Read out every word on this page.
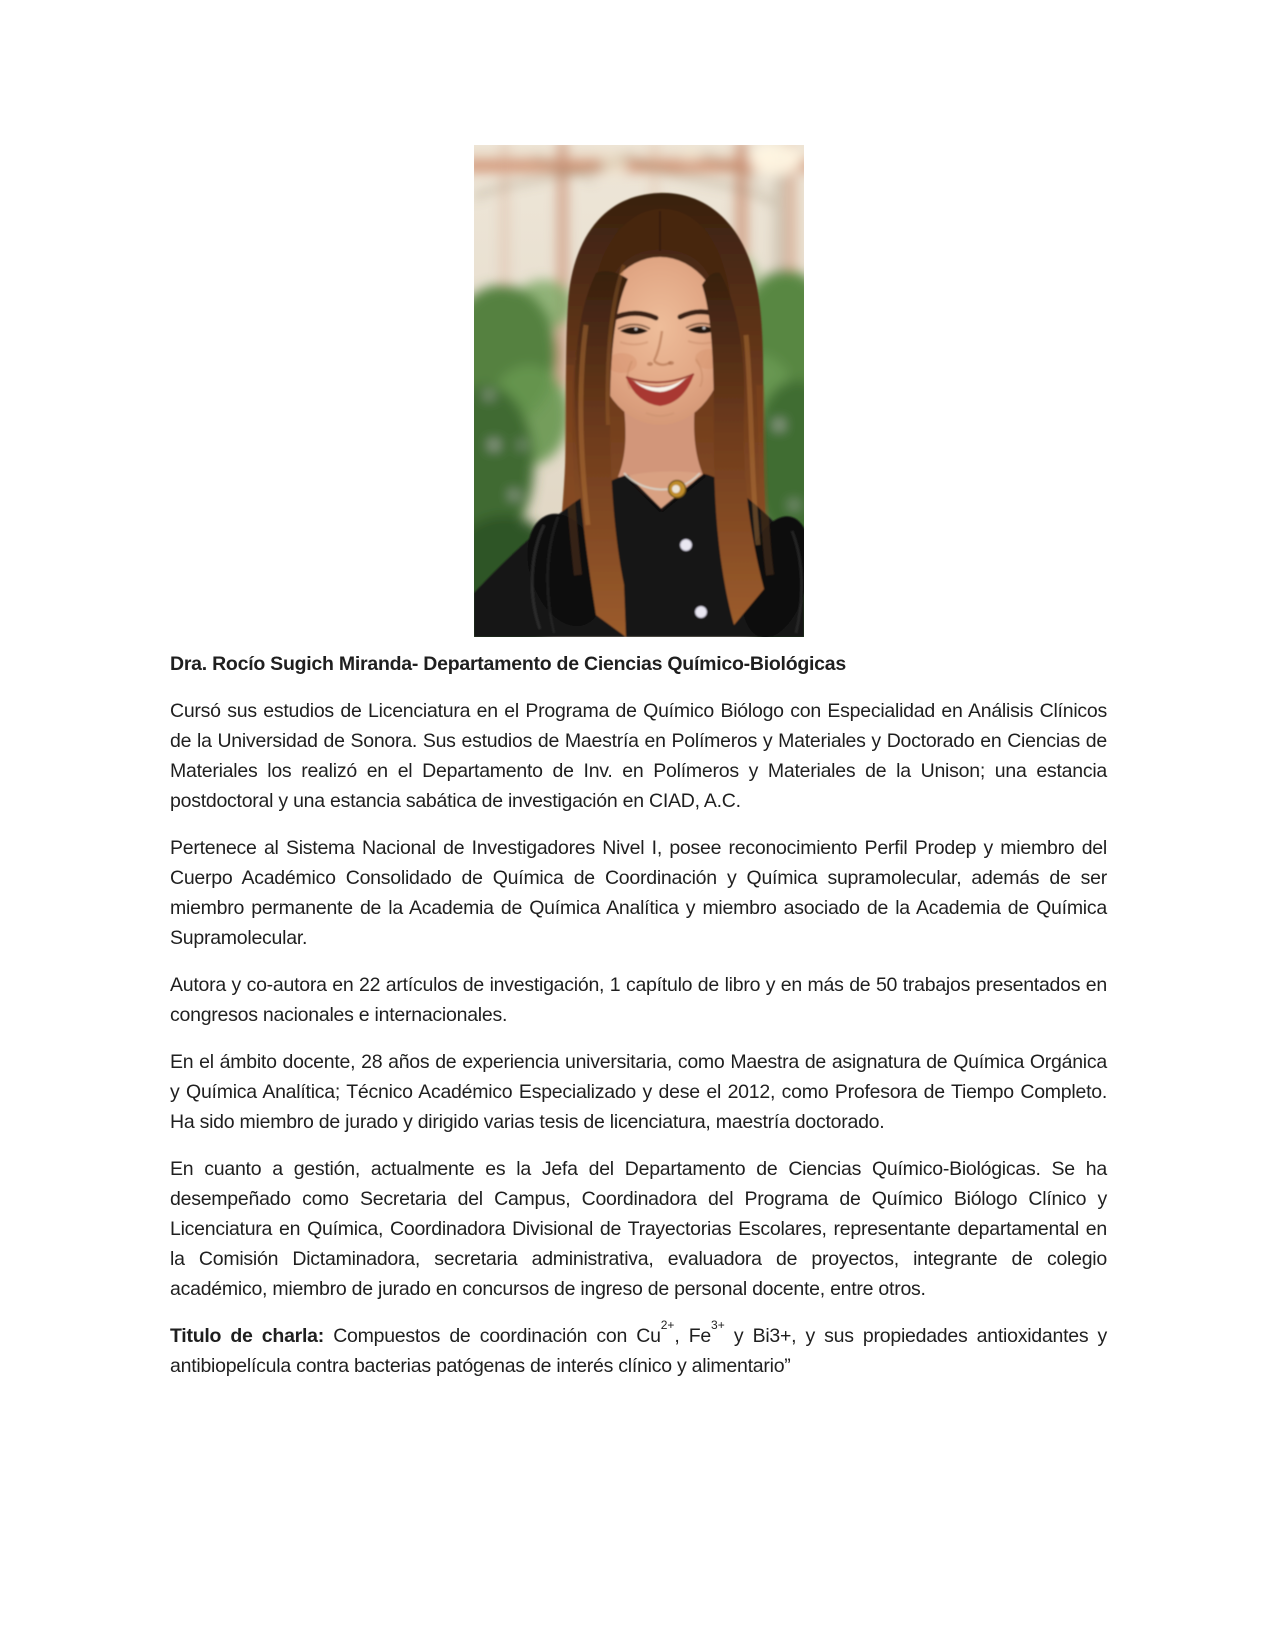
Dra. Rocío Sugich Miranda- Departamento de Ciencias Químico-Biológicas

Cursó sus estudios de Licenciatura en el Programa de Químico Biólogo con Especialidad en Análisis Clínicos de la Universidad de Sonora. Sus estudios de Maestría en Polímeros y Materiales y Doctorado en Ciencias de Materiales los realizó en el Departamento de Inv. en Polímeros y Materiales de la Unison; una estancia postdoctoral y una estancia sabática de investigación en CIAD, A.C.

Pertenece al Sistema Nacional de Investigadores Nivel I, posee reconocimiento Perfil Prodep y miembro del Cuerpo Académico Consolidado de Química de Coordinación y Química supramolecular, además de ser miembro permanente de la Academia de Química Analítica y miembro asociado de la Academia de Química Supramolecular.

Autora y co-autora en 22 artículos de investigación, 1 capítulo de libro y en más de 50 trabajos presentados en congresos nacionales e internacionales.

En el ámbito docente, 28 años de experiencia universitaria, como Maestra de asignatura de Química Orgánica y Química Analítica; Técnico Académico Especializado y dese el 2012, como Profesora de Tiempo Completo. Ha sido miembro de jurado y dirigido varias tesis de licenciatura, maestría doctorado.

En cuanto a gestión, actualmente es la Jefa del Departamento de Ciencias Químico-Biológicas. Se ha desempeñado como Secretaria del Campus, Coordinadora del Programa de Químico Biólogo Clínico y Licenciatura en Química, Coordinadora Divisional de Trayectorias Escolares, representante departamental en la Comisión Dictaminadora, secretaria administrativa, evaluadora de proyectos, integrante de colegio académico, miembro de jurado en concursos de ingreso de personal docente, entre otros.

Titulo de charla: Compuestos de coordinación con $Cu^{2+}$, $Fe^{3+}$ y Bi3+, y sus propiedades antioxidantes y antibiopelícula contra bacterias patógenas de interés clínico y alimentario”
